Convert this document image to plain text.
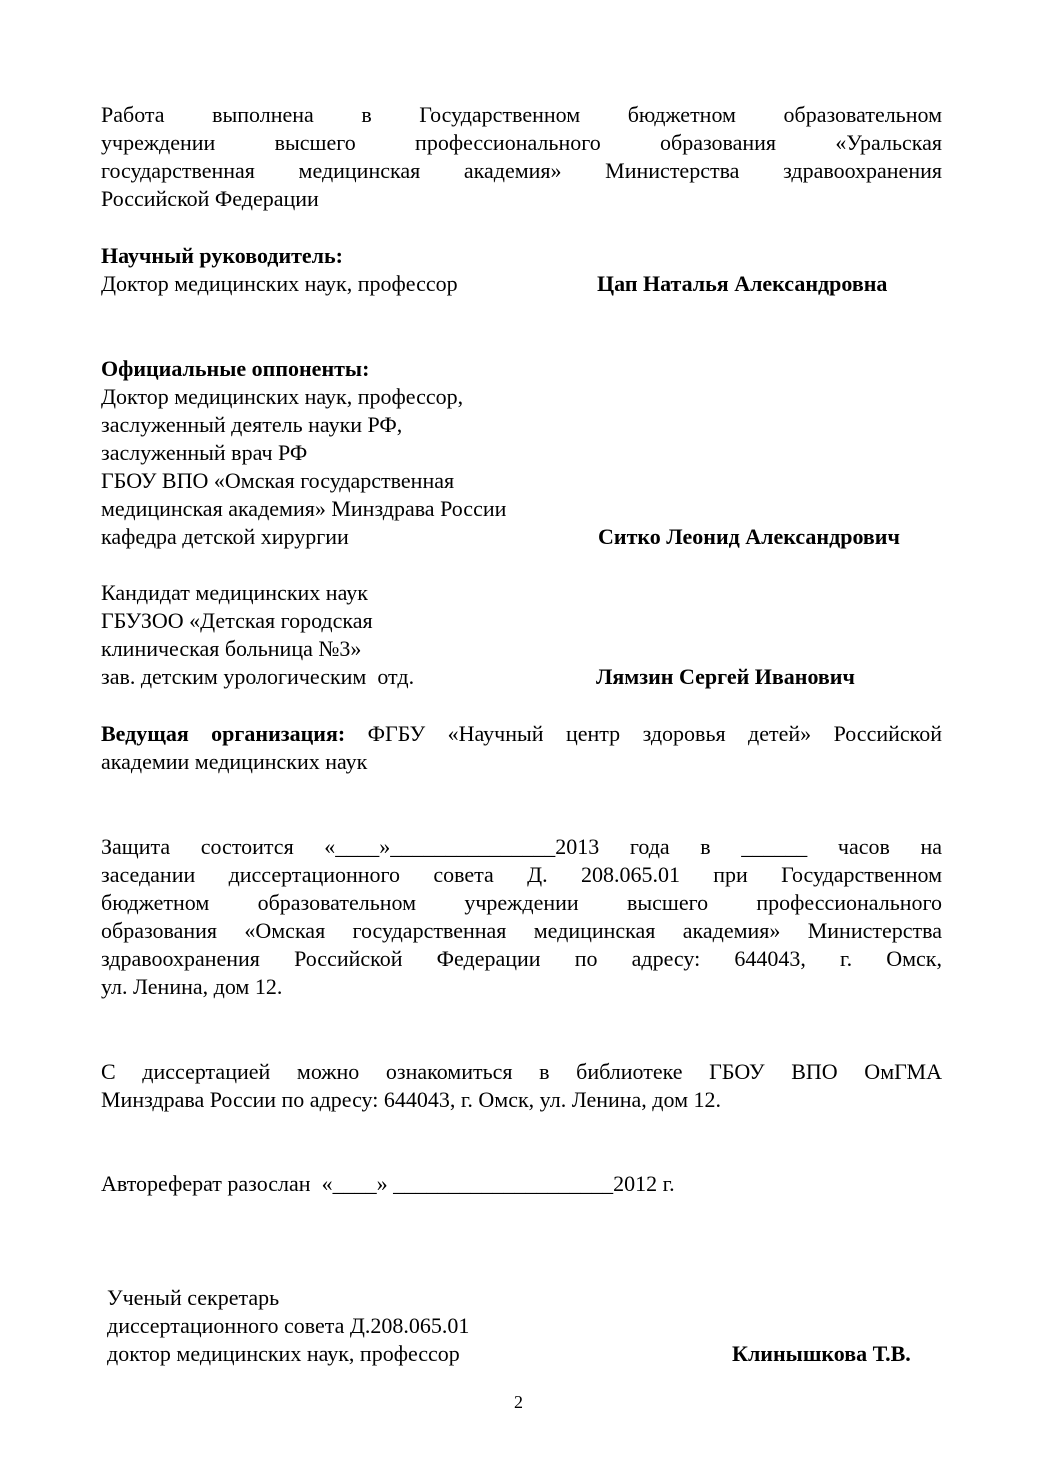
Работа выполнена в Государственном бюджетном образовательном
учреждении высшего профессионального образования «Уральская
государственная медицинская академия» Министерства здравоохранения
Российской Федерации
Научный руководитель:
Доктор медицинских наук, профессор	Цап Наталья Александровна
Официальные оппоненты:
Доктор медицинских наук, профессор,
заслуженный деятель науки РФ,
заслуженный врач РФ
ГБОУ ВПО «Омская государственная
медицинская академия» Минздрава России
кафедра детской хирургии	Ситко Леонид Александрович
Кандидат медицинских наук
ГБУЗОО «Детская городская
клиническая больница №3»
зав. детским урологическим  отд.	Лямзин Сергей Иванович
Ведущая организация: ФГБУ «Научный центр здоровья детей» Российской
академии медицинских наук
Защита состоится «____»_______________2013 года в ______ часов на
заседании диссертационного совета Д. 208.065.01 при Государственном
бюджетном образовательном учреждении высшего профессионального
образования «Омская государственная медицинская академия» Министерства
здравоохранения Российской Федерации по адресу: 644043, г. Омск,
ул. Ленина, дом 12.
С диссертацией можно ознакомиться в библиотеке ГБОУ ВПО ОмГМА
Минздрава России по адресу: 644043, г. Омск, ул. Ленина, дом 12.
Автореферат разослан  «____» ____________________2012 г.
Ученый секретарь
диссертационного совета Д.208.065.01
доктор медицинских наук, профессор	Клинышкова Т.В.
2
